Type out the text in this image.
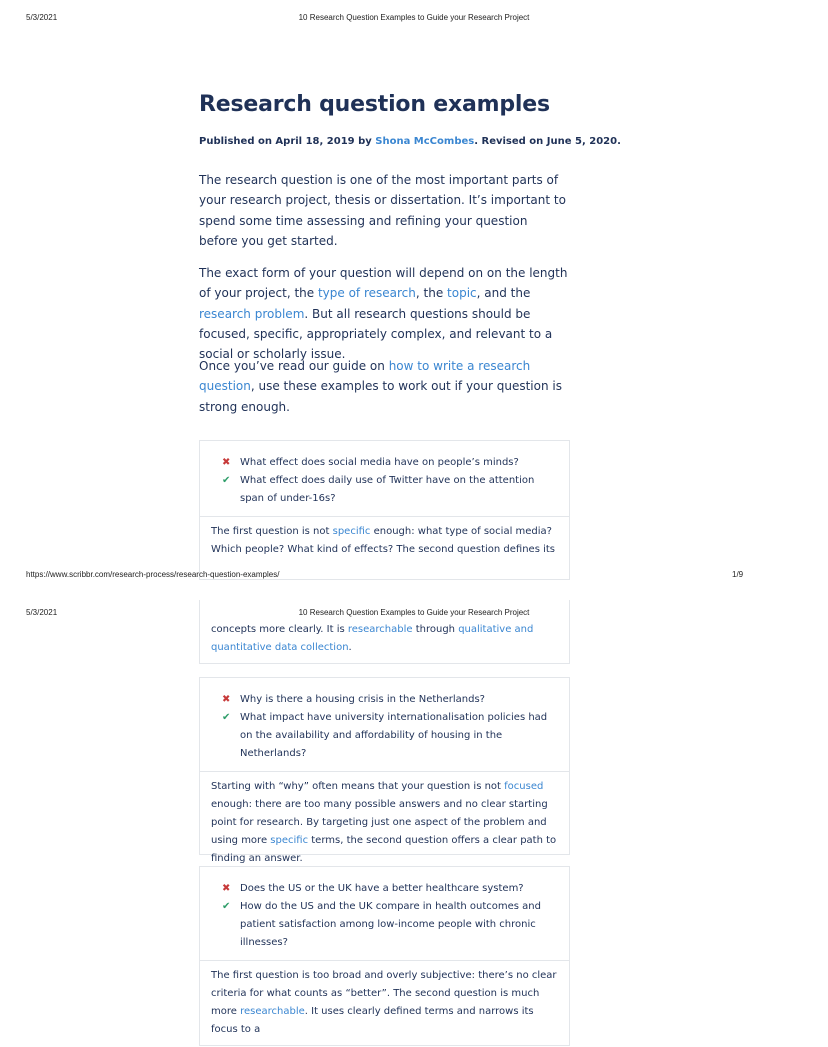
5/3/2021	10 Research Question Examples to Guide your Research Project
Research question examples
Published on April 18, 2019 by Shona McCombes. Revised on June 5, 2020.

The research question is one of the most important parts of your research project, thesis or dissertation. It’s important to spend some time assessing and refining your question before you get started.

The exact form of your question will depend on on the length of your project, the type of research, the topic, and the research problem. But all research questions should be focused, specific, appropriately complex, and relevant to a social or scholarly issue.

Once you’ve read our guide on how to write a research question, use these examples to work out if your question is strong enough.

✖ What effect does social media have on people’s minds?
✔ What effect does daily use of Twitter have on the attention span of under-16s?
The first question is not specific enough: what type of social media? Which people? What kind of effects? The second question defines its
https://www.scribbr.com/research-process/research-question-examples/	1/9
5/3/2021	10 Research Question Examples to Guide your Research Project
concepts more clearly. It is researchable through qualitative and quantitative data collection.
✖ Why is there a housing crisis in the Netherlands?
✔ What impact have university internationalisation policies had on the availability and affordability of housing in the Netherlands?
Starting with “why” often means that your question is not focused enough: there are too many possible answers and no clear starting point for research. By targeting just one aspect of the problem and using more specific terms, the second question offers a clear path to finding an answer.
✖ Does the US or the UK have a better healthcare system?
✔ How do the US and the UK compare in health outcomes and patient satisfaction among low-income people with chronic illnesses?
The first question is too broad and overly subjective: there’s no clear criteria for what counts as “better”. The second question is much more researchable. It uses clearly defined terms and narrows its focus to a
